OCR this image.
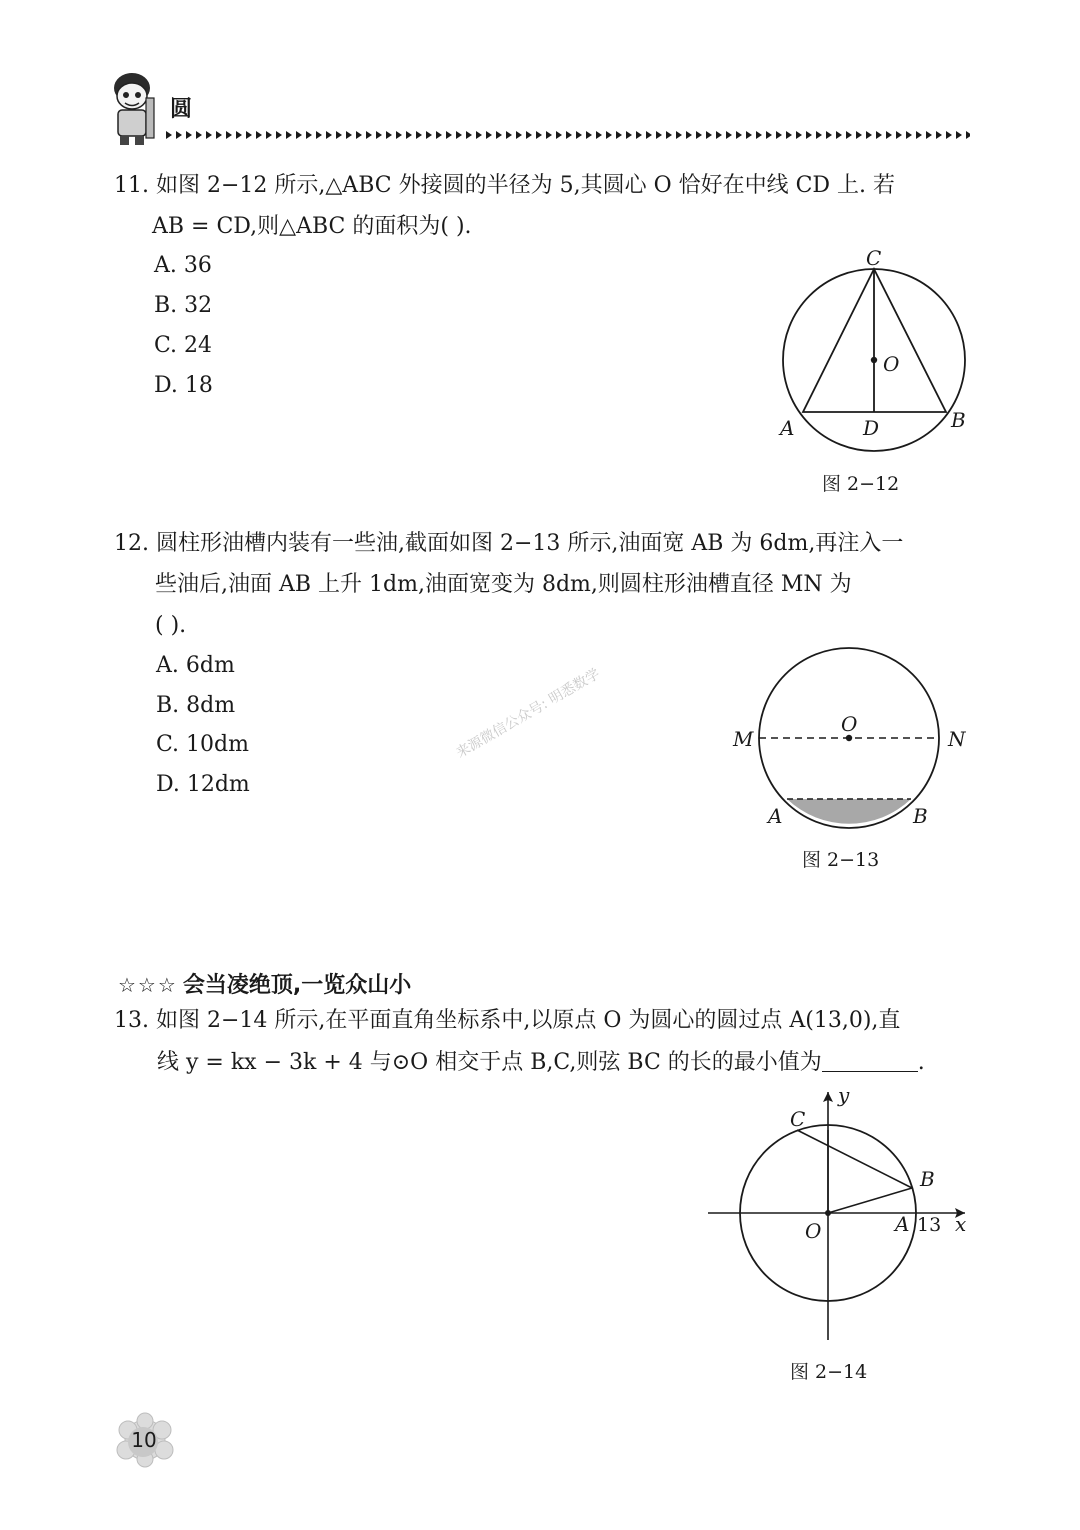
圆
11. 如图 2−12 所示,△ABC 外接圆的半径为 5,其圆心 O 恰好在中线 CD 上. 若
AB = CD,则△ABC 的面积为( ).
A. 36
B. 32
C. 24
D. 18
C
O
A	D	B
图 2−12
12. 圆柱形油槽内装有一些油,截面如图 2−13 所示,油面宽 AB 为 6dm,再注入一
些油后,油面 AB 上升 1dm,油面宽变为 8dm,则圆柱形油槽直径 MN 为
( ).
A. 6dm
B. 8dm
C. 10dm
D. 12dm
O
M	N
A	B
图 2−13
来源微信公众号: 明悉数学
☆☆☆ 会当凌绝顶,一览众山小
13. 如图 2−14 所示,在平面直角坐标系中,以原点 O 为圆心的圆过点 A(13,0),直
线 y = kx − 3k + 4 与⊙O 相交于点 B,C,则弦 BC 的长的最小值为	.
y
C
B
O	A 13 x
图 2−14
10
